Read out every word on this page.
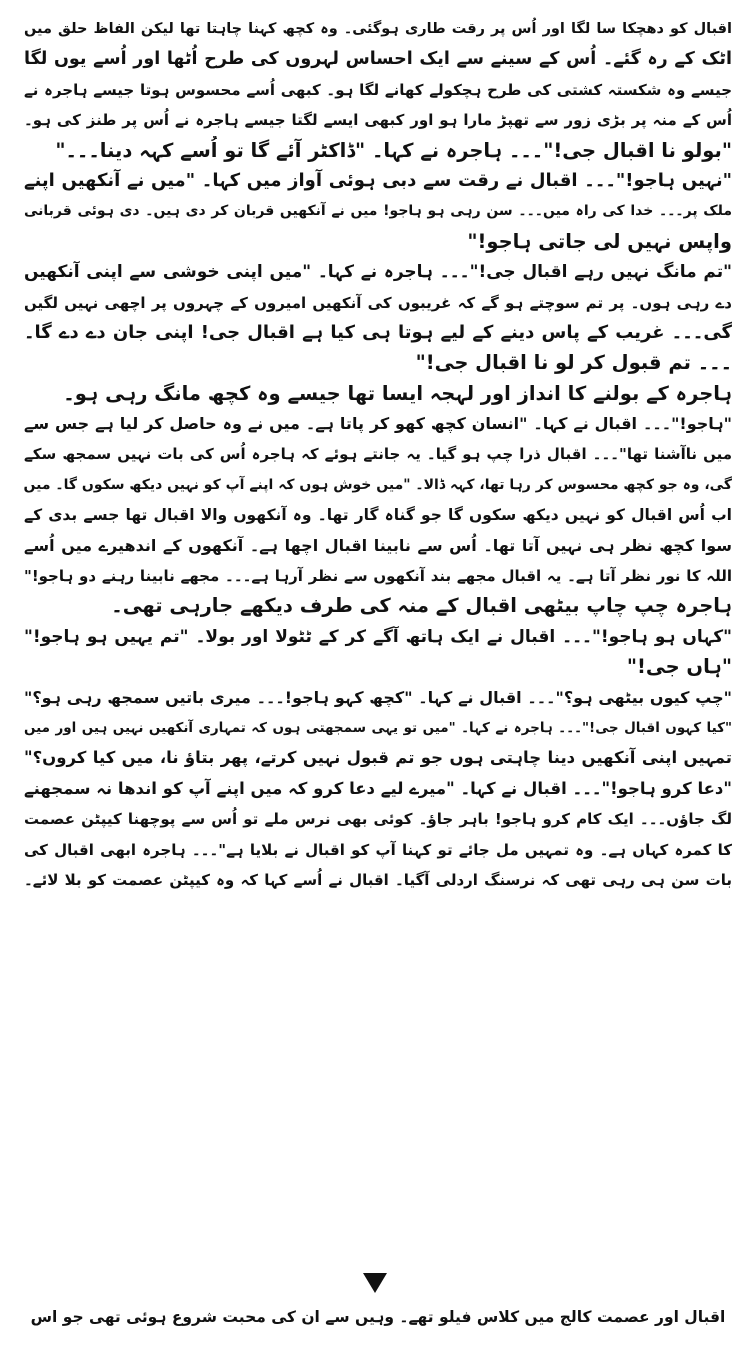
اقبال کو دھچکا سا لگا اور اُس پر رقت طاری ہوگئی۔ وہ کچھ کہنا چاہتا تھا لیکن الفاظ حلق میں
اٹک کے رہ گئے۔ اُس کے سینے سے ایک احساس لہروں کی طرح اُٹھا اور اُسے یوں لگا
جیسے وہ شکستہ کشتی کی طرح ہچکولے کھانے لگا ہو۔ کبھی اُسے محسوس ہوتا جیسے ہاجرہ نے
اُس کے منہ پر بڑی زور سے تھپڑ مارا ہو اور کبھی ایسے لگتا جیسے ہاجرہ نے اُس پر طنز کی ہو۔
"بولو نا اقبال جی!"۔۔۔ ہاجرہ نے کہا۔ "ڈاکٹر آئے گا تو اُسے کہہ دینا۔۔۔"
"نہیں ہاجو!"۔۔۔ اقبال نے رقت سے دبی ہوئی آواز میں کہا۔ "میں نے آنکھیں اپنے
ملک پر۔۔۔ خدا کی راہ میں۔۔۔ سن رہی ہو ہاجو! میں نے آنکھیں قربان کر دی ہیں۔ دی ہوئی قربانی
واپس نہیں لی جاتی ہاجو!"
"تم مانگ نہیں رہے اقبال جی!"۔۔۔ ہاجرہ نے کہا۔ "میں اپنی خوشی سے اپنی آنکھیں
دے رہی ہوں۔ پر تم سوچتے ہو گے کہ غریبوں کی آنکھیں امیروں کے چہروں پر اچھی نہیں لگیں
گی۔۔۔ غریب کے پاس دینے کے لیے ہوتا ہی کیا ہے اقبال جی! اپنی جان دے دے گا۔
۔۔۔ تم قبول کر لو نا اقبال جی!"
ہاجرہ کے بولنے کا انداز اور لہجہ ایسا تھا جیسے وہ کچھ مانگ رہی ہو۔
"ہاجو!"۔۔۔ اقبال نے کہا۔ "انسان کچھ کھو کر پاتا ہے۔ میں نے وہ حاصل کر لیا ہے جس سے
میں ناآشنا تھا"۔۔۔ اقبال ذرا چپ ہو گیا۔ یہ جانتے ہوئے کہ ہاجرہ اُس کی بات نہیں سمجھ سکے
گی، وہ جو کچھ محسوس کر رہا تھا، کہہ ڈالا۔ "میں خوش ہوں کہ اپنے آپ کو نہیں دیکھ سکوں گا۔ میں
اب اُس اقبال کو نہیں دیکھ سکوں گا جو گناہ گار تھا۔ وہ آنکھوں والا اقبال تھا جسے بدی کے
سوا کچھ نظر ہی نہیں آتا تھا۔ اُس سے نابینا اقبال اچھا ہے۔ آنکھوں کے اندھیرے میں اُسے
اللہ کا نور نظر آتا ہے۔ یہ اقبال مجھے بند آنکھوں سے نظر آرہا ہے۔۔۔ مجھے نابینا رہنے دو ہاجو!"
ہاجرہ چپ چاپ بیٹھی اقبال کے منہ کی طرف دیکھے جارہی تھی۔
"کہاں ہو ہاجو!"۔۔۔ اقبال نے ایک ہاتھ آگے کر کے ٹٹولا اور بولا۔ "تم یہیں ہو ہاجو!"
"ہاں جی!"
"چپ کیوں بیٹھی ہو؟"۔۔۔ اقبال نے کہا۔ "کچھ کہو ہاجو!۔۔۔ میری باتیں سمجھ رہی ہو؟"
"کیا کہوں اقبال جی!"۔۔۔ ہاجرہ نے کہا۔ "میں تو یہی سمجھتی ہوں کہ تمہاری آنکھیں نہیں ہیں اور میں
تمہیں اپنی آنکھیں دینا چاہتی ہوں جو تم قبول نہیں کرتے، پھر بتاؤ نا، میں کیا کروں؟"
"دعا کرو ہاجو!"۔۔۔ اقبال نے کہا۔ "میرے لیے دعا کرو کہ میں اپنے آپ کو اندھا نہ سمجھنے
لگ جاؤں۔۔۔ ایک کام کرو ہاجو! باہر جاؤ۔ کوئی بھی نرس ملے تو اُس سے پوچھنا کیپٹن عصمت
کا کمرہ کہاں ہے۔ وہ تمہیں مل جائے تو کہنا آپ کو اقبال نے بلایا ہے"۔۔۔ ہاجرہ ابھی اقبال کی
بات سن ہی رہی تھی کہ نرسنگ اردلی آگیا۔ اقبال نے اُسے کہا کہ وہ کیپٹن عصمت کو بلا لائے۔
اقبال اور عصمت کالج میں کلاس فیلو تھے۔ وہیں سے ان کی محبت شروع ہوئی تھی جو اس
